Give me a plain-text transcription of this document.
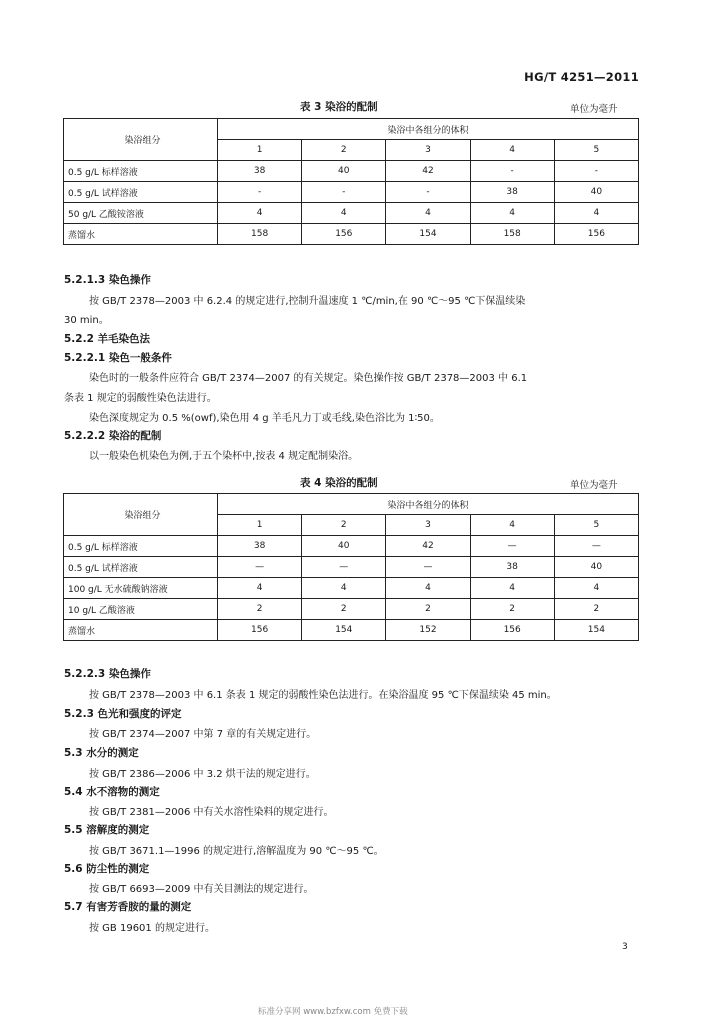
HG/T 4251—2011
表 3 染浴的配制	单位为毫升
染浴组分	染浴中各组分的体积				
	1	2	3	4	5
0.5 g/L 标样溶液	38	40	42	-	-
0.5 g/L 试样溶液	-	-	-	38	40
50 g/L 乙酸铵溶液	4	4	4	4	4
蒸馏水	158	156	154	158	156
5.2.1.3 染色操作
按 GB/T 2378—2003 中 6.2.4 的规定进行,控制升温速度 1 ℃/min,在 90 ℃～95 ℃下保温续染
30 min。
5.2.2 羊毛染色法
5.2.2.1 染色一般条件
染色时的一般条件应符合 GB/T 2374—2007 的有关规定。染色操作按 GB/T 2378—2003 中 6.1
条表 1 规定的弱酸性染色法进行。
染色深度规定为 0.5 %(owf),染色用 4 g 羊毛凡力丁或毛线,染色浴比为 1∶50。
5.2.2.2 染浴的配制
以一般染色机染色为例,于五个染杯中,按表 4 规定配制染浴。
表 4 染浴的配制	单位为毫升
染浴组分	染浴中各组分的体积				
	1	2	3	4	5
0.5 g/L 标样溶液	38	40	42	—	—
0.5 g/L 试样溶液	—	—	—	38	40
100 g/L 无水硫酸钠溶液	4	4	4	4	4
10 g/L 乙酸溶液	2	2	2	2	2
蒸馏水	156	154	152	156	154
5.2.2.3 染色操作
按 GB/T 2378—2003 中 6.1 条表 1 规定的弱酸性染色法进行。在染浴温度 95 ℃下保温续染 45 min。
5.2.3 色光和强度的评定
按 GB/T 2374—2007 中第 7 章的有关规定进行。
5.3 水分的测定
按 GB/T 2386—2006 中 3.2 烘干法的规定进行。
5.4 水不溶物的测定
按 GB/T 2381—2006 中有关水溶性染料的规定进行。
5.5 溶解度的测定
按 GB/T 3671.1—1996 的规定进行,溶解温度为 90 ℃～95 ℃。
5.6 防尘性的测定
按 GB/T 6693—2009 中有关目测法的规定进行。
5.7 有害芳香胺的量的测定
按 GB 19601 的规定进行。
3
标准分享网 www.bzfxw.com 免费下载
